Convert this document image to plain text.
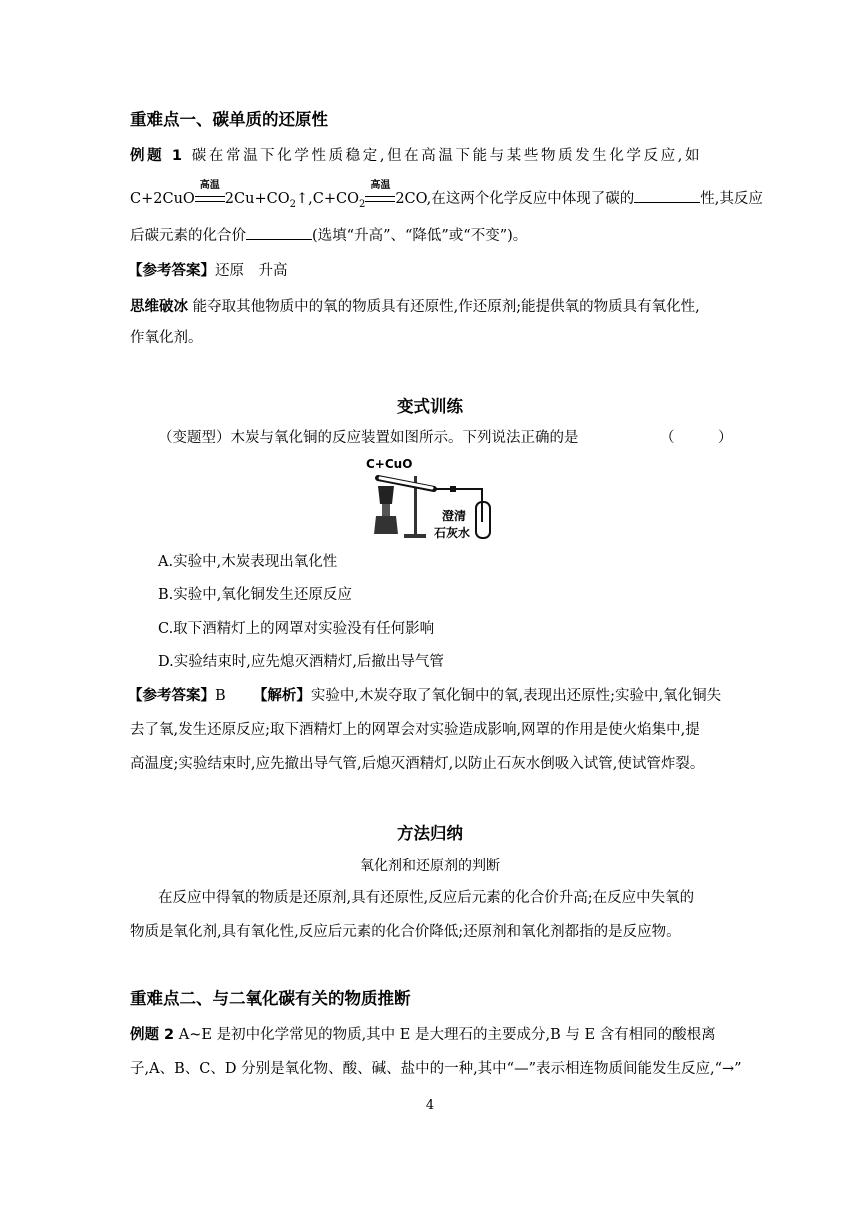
重难点一、碳单质的还原性
例题 1 碳在常温下化学性质稳定,但在高温下能与某些物质发生化学反应,如
C+2CuO
高温
$2Cu+CO_2↑,C+CO_2$
高温
2CO,在这两个化学反应中体现了碳的	性,其反应
后碳元素的化合价	(选填“升高”、“降低”或“不变”)。
【参考答案】还原　升高
思维破冰 能夺取其他物质中的氧的物质具有还原性,作还原剂;能提供氧的物质具有氧化性,
作氧化剂。
变式训练
（变题型）木炭与氧化铜的反应装置如图所示。下列说法正确的是	（　　　）
C+CuO
澄清
石灰水
A.实验中,木炭表现出氧化性
B.实验中,氧化铜发生还原反应
C.取下酒精灯上的网罩对实验没有任何影响
D.实验结束时,应先熄灭酒精灯,后撤出导气管
【参考答案】B 【解析】实验中,木炭夺取了氧化铜中的氧,表现出还原性;实验中,氧化铜失
去了氧,发生还原反应;取下酒精灯上的网罩会对实验造成影响,网罩的作用是使火焰集中,提
高温度;实验结束时,应先撤出导气管,后熄灭酒精灯,以防止石灰水倒吸入试管,使试管炸裂。
方法归纳
氧化剂和还原剂的判断
在反应中得氧的物质是还原剂,具有还原性,反应后元素的化合价升高;在反应中失氧的
物质是氧化剂,具有氧化性,反应后元素的化合价降低;还原剂和氧化剂都指的是反应物。
重难点二、与二氧化碳有关的物质推断
例题 2 A~E 是初中化学常见的物质,其中 E 是大理石的主要成分,B 与 E 含有相同的酸根离
子,A、B、C、D 分别是氧化物、酸、碱、盐中的一种,其中“—”表示相连物质间能发生反应,“→”
4
